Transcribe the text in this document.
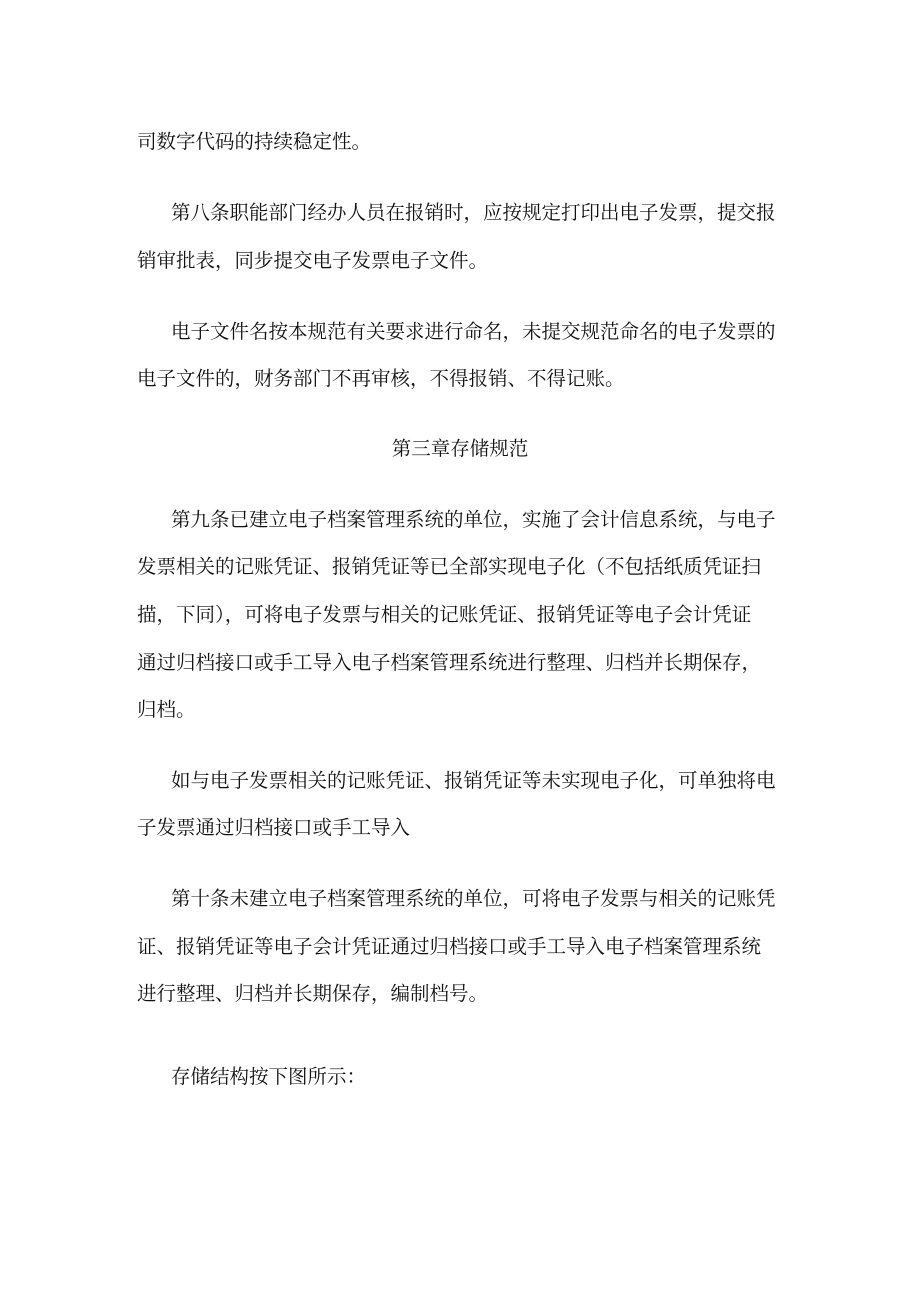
司数字代码的持续稳定性。
第八条职能部门经办人员在报销时，应按规定打印出电子发票，提交报
销审批表，同步提交电子发票电子文件。
电子文件名按本规范有关要求进行命名，未提交规范命名的电子发票的
电子文件的，财务部门不再审核，不得报销、不得记账。
第三章存储规范
第九条已建立电子档案管理系统的单位，实施了会计信息系统，与电子
发票相关的记账凭证、报销凭证等已全部实现电子化（不包括纸质凭证扫
描，下同），可将电子发票与相关的记账凭证、报销凭证等电子会计凭证
通过归档接口或手工导入电子档案管理系统进行整理、归档并长期保存，
归档。
如与电子发票相关的记账凭证、报销凭证等未实现电子化，可单独将电
子发票通过归档接口或手工导入
第十条未建立电子档案管理系统的单位，可将电子发票与相关的记账凭
证、报销凭证等电子会计凭证通过归档接口或手工导入电子档案管理系统
进行整理、归档并长期保存，编制档号。
存储结构按下图所示：
